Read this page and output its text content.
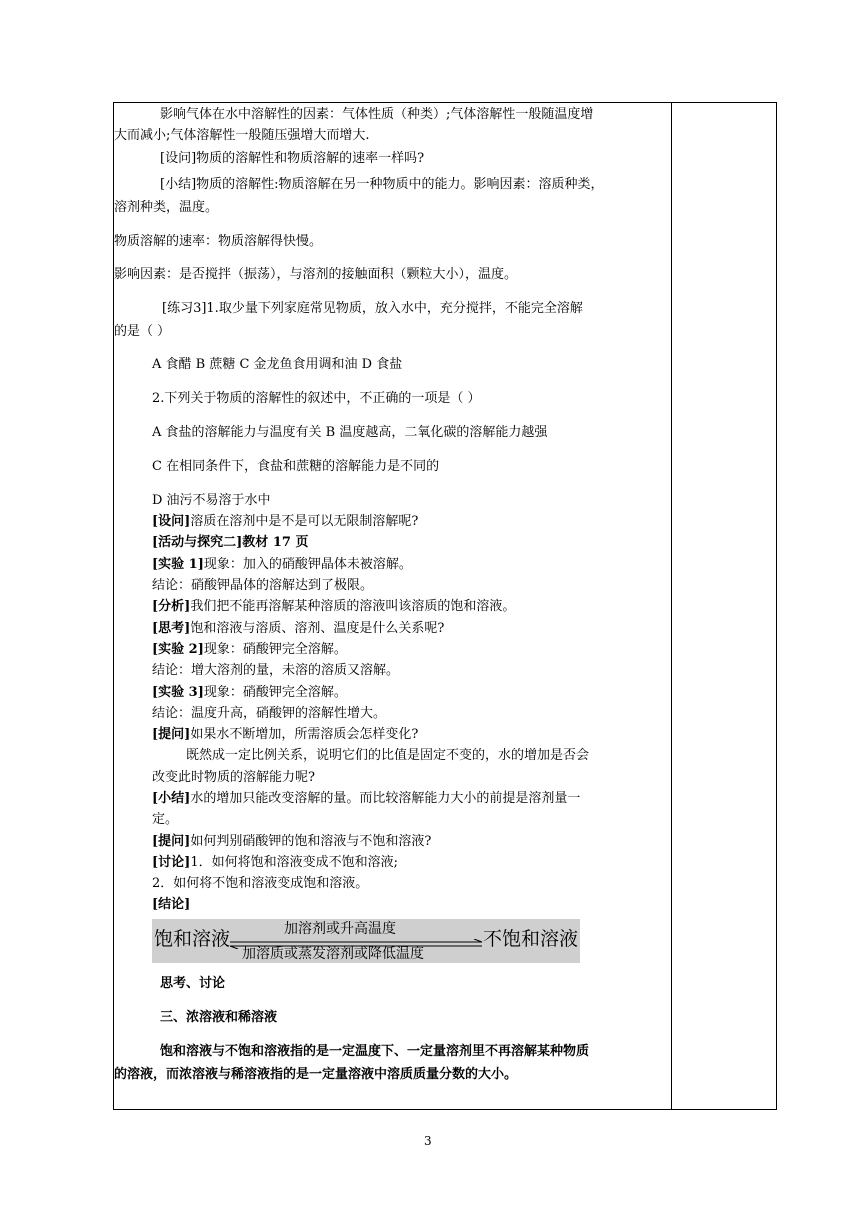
影响气体在水中溶解性的因素：气体性质（种类）;气体溶解性一般随温度增
大而减小;气体溶解性一般随压强增大而增大.
[设问]物质的溶解性和物质溶解的速率一样吗?
[小结]物质的溶解性:物质溶解在另一种物质中的能力。影响因素：溶质种类，
溶剂种类，温度。
物质溶解的速率：物质溶解得快慢。
影响因素：是否搅拌（振荡），与溶剂的接触面积（颗粒大小），温度。
[练习3]1.取少量下列家庭常见物质，放入水中，充分搅拌，不能完全溶解
的是（ ）
A 食醋 B 蔗糖 C 金龙鱼食用调和油 D 食盐
2.下列关于物质的溶解性的叙述中，不正确的一项是（ ）
A 食盐的溶解能力与温度有关 B 温度越高，二氧化碳的溶解能力越强
C 在相同条件下，食盐和蔗糖的溶解能力是不同的
D 油污不易溶于水中
[设问]溶质在溶剂中是不是可以无限制溶解呢?
[活动与探究二]教材 17 页
[实验 1]现象：加入的硝酸钾晶体未被溶解。
结论：硝酸钾晶体的溶解达到了极限。
[分析]我们把不能再溶解某种溶质的溶液叫该溶质的饱和溶液。
[思考]饱和溶液与溶质、溶剂、温度是什么关系呢?
[实验 2]现象：硝酸钾完全溶解。
结论：增大溶剂的量，未溶的溶质又溶解。
[实验 3]现象：硝酸钾完全溶解。
结论：温度升高，硝酸钾的溶解性增大。
[提问]如果水不断增加，所需溶质会怎样变化?
既然成一定比例关系，说明它们的比值是固定不变的，水的增加是否会
改变此时物质的溶解能力呢?
[小结]水的增加只能改变溶解的量。而比较溶解能力大小的前提是溶剂量一
定。
[提问]如何判别硝酸钾的饱和溶液与不饱和溶液?
[讨论]1．如何将饱和溶液变成不饱和溶液;
2．如何将不饱和溶液变成饱和溶液。
[结论]
思考、讨论
三、浓溶液和稀溶液
饱和溶液与不饱和溶液指的是一定温度下、一定量溶剂里不再溶解某种物质
的溶液，而浓溶液与稀溶液指的是一定量溶液中溶质质量分数的大小。
饱和溶液	加溶剂或升高温度
加溶质或蒸发溶剂或降低温度
不饱和溶液
3
